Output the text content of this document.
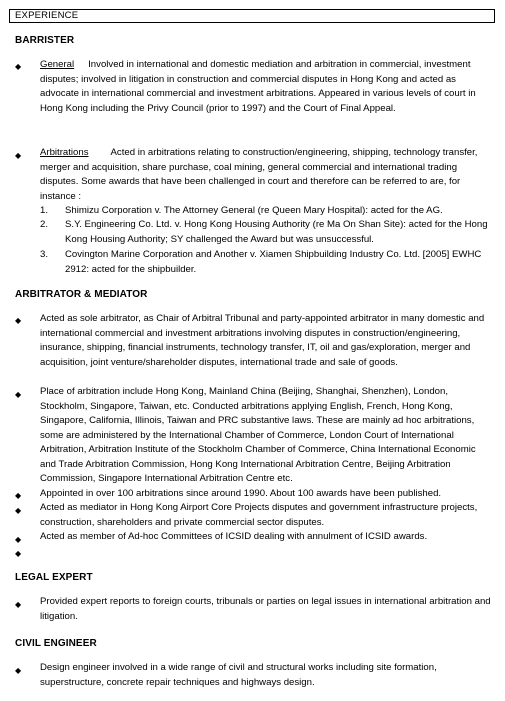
EXPERIENCE
BARRISTER
◆ General Involved in international and domestic mediation and arbitration in commercial, investment disputes; involved in litigation in construction and commercial disputes in Hong Kong and acted as advocate in international commercial and investment arbitrations. Appeared in various levels of court in Hong Kong including the Privy Council (prior to 1997) and the Court of Final Appeal.
◆ Arbitrations Acted in arbitrations relating to construction/engineering, shipping, technology transfer, merger and acquisition, share purchase, coal mining, general commercial and international trading disputes. Some awards that have been challenged in court and therefore can be referred to are, for instance :
1. Shimizu Corporation v. The Attorney General (re Queen Mary Hospital): acted for the AG.
2. S.Y. Engineering Co. Ltd. v. Hong Kong Housing Authority (re Ma On Shan Site): acted for the Hong Kong Housing Authority; SY challenged the Award but was unsuccessful.
3. Covington Marine Corporation and Another v. Xiamen Shipbuilding Industry Co. Ltd. [2005] EWHC 2912: acted for the shipbuilder.
ARBITRATOR & MEDIATOR
◆ Acted as sole arbitrator, as Chair of Arbitral Tribunal and party-appointed arbitrator in many domestic and international commercial and investment arbitrations involving disputes in construction/engineering, insurance, shipping, financial instruments, technology transfer, IT, oil and gas/exploration, merger and acquisition, joint venture/shareholder disputes, international trade and sale of goods.
◆ Place of arbitration include Hong Kong, Mainland China (Beijing, Shanghai, Shenzhen), London, Stockholm, Singapore, Taiwan, etc. Conducted arbitrations applying English, French, Hong Kong, Singapore, California, Illinois, Taiwan and PRC substantive laws. These are mainly ad hoc arbitrations, some are administered by the International Chamber of Commerce, London Court of International Arbitration, Arbitration Institute of the Stockholm Chamber of Commerce, China International Economic and Trade Arbitration Commission, Hong Kong International Arbitration Centre, Beijing Arbitration Commission, Singapore International Arbitration Centre etc.
◆ Appointed in over 100 arbitrations since around 1990. About 100 awards have been published.
◆ Acted as mediator in Hong Kong Airport Core Projects disputes and government infrastructure projects, construction, shareholders and private commercial sector disputes.
◆ Acted as member of Ad-hoc Committees of ICSID dealing with annulment of ICSID awards.
◆
LEGAL EXPERT
◆ Provided expert reports to foreign courts, tribunals or parties on legal issues in international arbitration and litigation.
CIVIL ENGINEER
◆ Design engineer involved in a wide range of civil and structural works including site formation, superstructure, concrete repair techniques and highways design.
